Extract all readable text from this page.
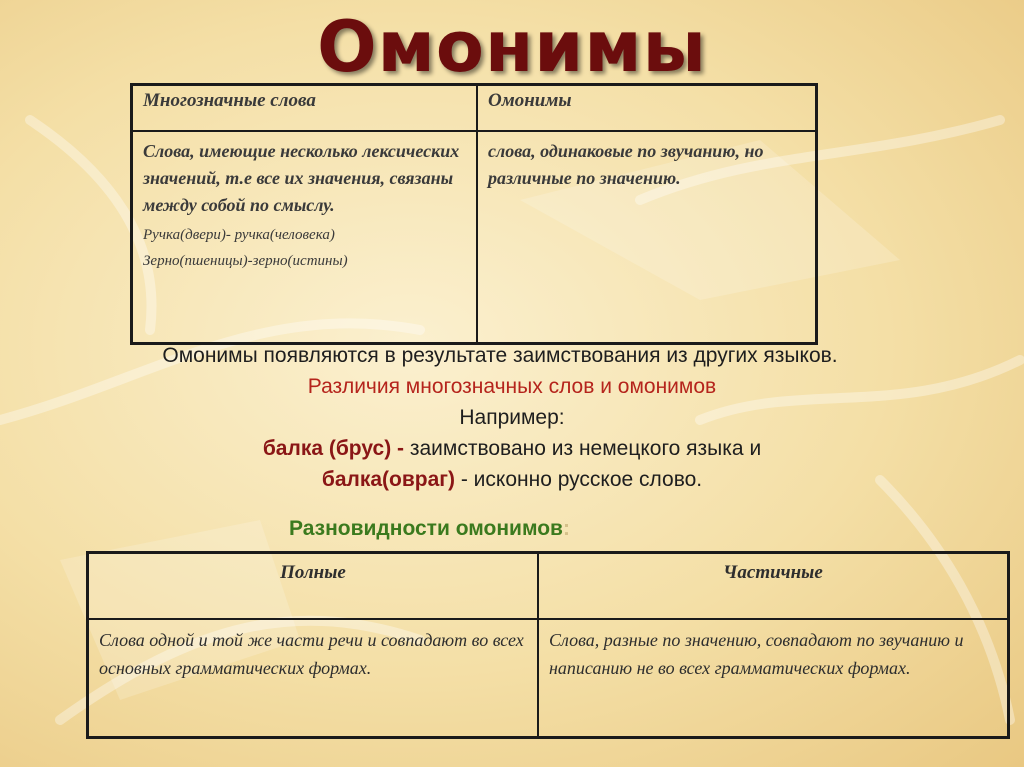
Омонимы
Многозначные слова	Омонимы

Слова, имеющие несколько лексических значений, т.е все их значения, связаны между собой по смыслу.
Ручка(двери)- ручка(человека)
Зерно(пшеницы)-зерно(истины)	слова, одинаковые по звучанию, но различные по значению.
Омонимы появляются в результате заимствования из других языков.
Различия многозначных слов и омонимов
Например:
балка (брус) - заимствовано из немецкого языка и
балка(овраг) - исконно русское слово.
Разновидности омонимов:
Полные	Частичные
Слова одной и той же части речи и совпадают во всех основных грамматических формах.	Слова, разные по значению, совпадают по звучанию и написанию не во всех грамматических формах.
